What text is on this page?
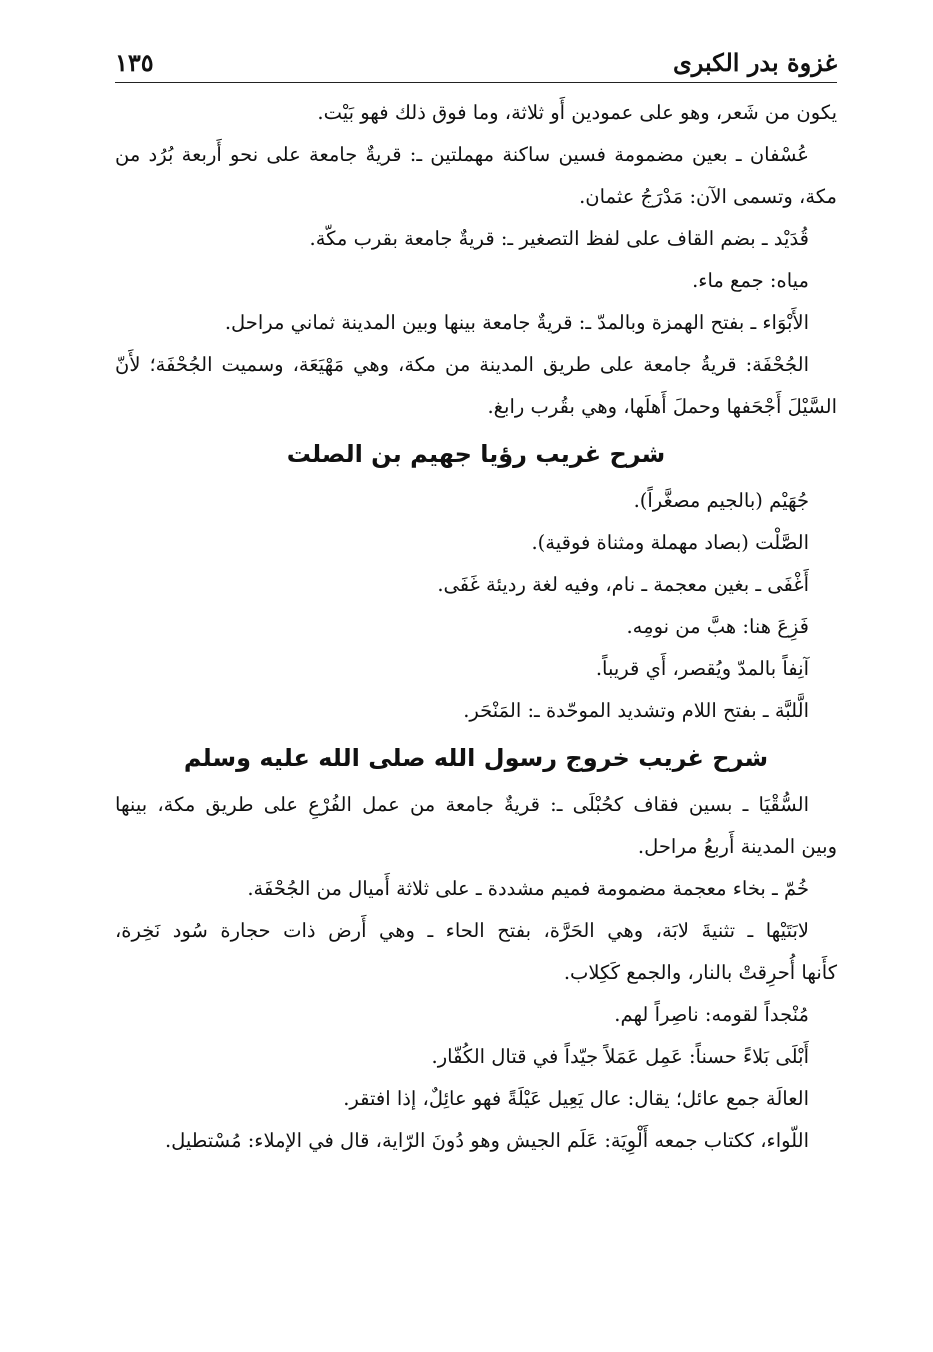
١٣٥	غزوة بدر الكبرى
يكون من شَعر، وهو على عمودين أَو ثلاثة، وما فوق ذلك فهو بَيْت.
عُسْفان ـ بعين مضمومة فسين ساكنة مهملتين ـ: قريةٌ جامعة على نحو أَربعة بُرُد من
مكة، وتسمى الآن: مَدْرَجُ عثمان.
قُدَيْد ـ بضم القاف على لفظ التصغير ـ: قريةٌ جامعة بقرب مكّة.
مياه: جمع ماء.
الأَبْوَاء ـ بفتح الهمزة وبالمدّ ـ: قريةٌ جامعة بينها وبين المدينة ثماني مراحل.
الجُحْفَة: قريةُ جامعة على طريق المدينة من مكة، وهي مَهْيَعَة، وسميت الجُحْفَة؛ لأَنّ
السَّيْلَ أَجْحَفها وحملَ أَهلَها، وهي بقُرب رابغ.
شرح غريب رؤيا جهيم بن الصلت
جُهَيْم (بالجيم مصغَّراً).
الصَّلْت (بصاد مهملة ومثناة فوقية).
أَغْفَى ـ بغين معجمة ـ نام، وفيه لغة رديئة غَفَى.
فَزِعَ هنا: هبَّ من نومِه.
آنِفاً بالمدّ ويُقصر، أَي قريباً.
الَّلبَّة ـ بفتح اللام وتشديد الموحّدة ـ: المَنْحَر.
شرح غريب خروج رسول الله صلى الله عليه وسلم
السُّقْيَا ـ بسين فقاف كحُبْلَى ـ: قريةٌ جامعة من عمل الفُرْعِ على طريق مكة، بينها
وبين المدينة أَربعُ مراحل.
خُمّ ـ بخاء معجمة مضمومة فميم مشددة ـ على ثلاثة أَميال من الجُحْفَة.
لابَتَيْها ـ تثنيةَ لابَة، وهي الحَرَّة، بفتح الحاء ـ وهي أَرض ذات حجارة سُود نَخِرة،
كأَنها أُحرِقتْ بالنار، والجمع كَكِلاب.
مُنْجداً لقومه: ناصِراً لهم.
أَبْلَى بَلاءً حسناً: عَمِل عَمَلاً جيّداً في قتال الكُفّار.
العالَة جمع عائل؛ يقال: عال يَعِيل عَيْلَةً فهو عائِلٌ، إذا افتقر.
اللّواء، ككتاب جمعه أَلْوِيَة: عَلَم الجيش وهو دُونَ الرّاية، قال في الإملاء: مُسْتطيل.
